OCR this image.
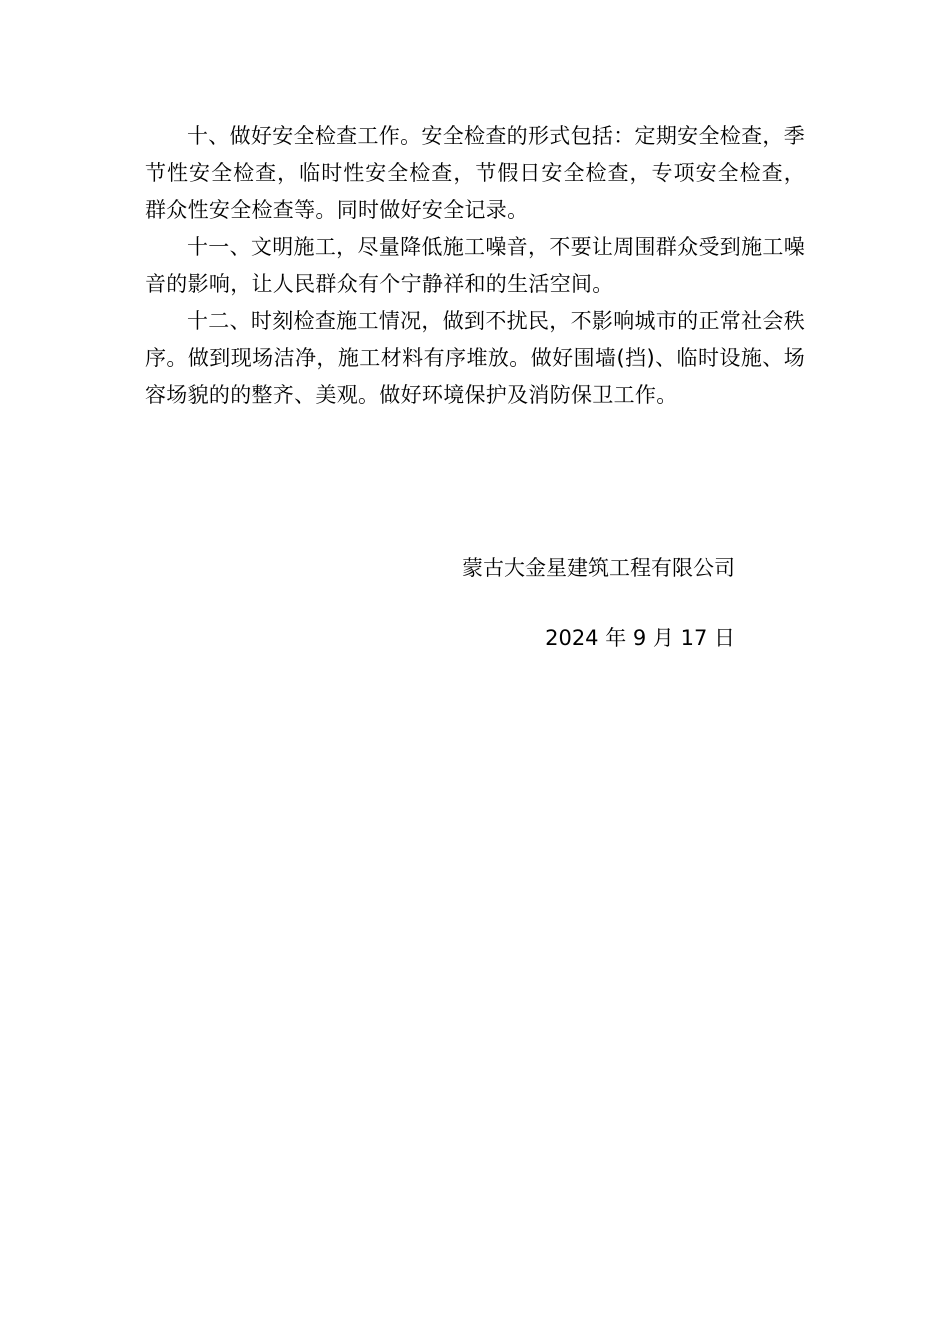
十、做好安全检查工作。安全检查的形式包括：定期安全检查，季节性安全检查，临时性安全检查，节假日安全检查，专项安全检查，群众性安全检查等。同时做好安全记录。

十一、文明施工，尽量降低施工噪音，不要让周围群众受到施工噪音的影响，让人民群众有个宁静祥和的生活空间。

十二、时刻检查施工情况，做到不扰民，不影响城市的正常社会秩序。做到现场洁净，施工材料有序堆放。做好围墙(挡)、临时设施、场容场貌的的整齐、美观。做好环境保护及消防保卫工作。

蒙古大金星建筑工程有限公司
2024 年 9 月 17 日
